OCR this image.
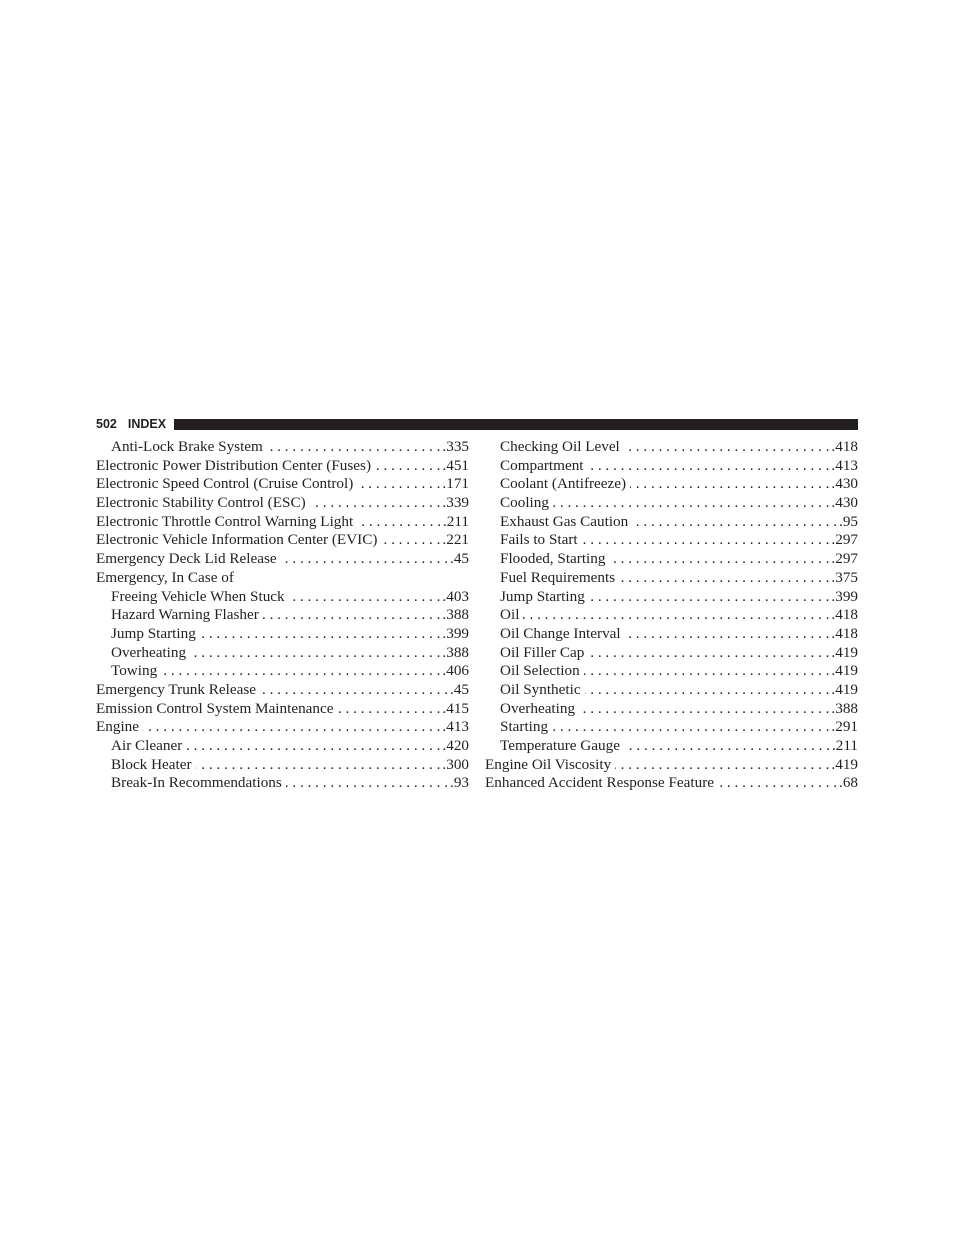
502 INDEX
Anti-Lock Brake System . . .	.335
Electronic Power Distribution Center (Fuses) . . .	.451
Electronic Speed Control (Cruise Control) . . .	.171
Electronic Stability Control (ESC) . . .	.339
Electronic Throttle Control Warning Light . . .	.211
Electronic Vehicle Information Center (EVIC) . . .	.221
Emergency Deck Lid Release . . .	.45
Emergency, In Case of
Freeing Vehicle When Stuck . . .	.403
Hazard Warning Flasher . . .	.388
Jump Starting . . .	.399
Overheating . . .	.388
Towing . . .	.406
Emergency Trunk Release . . .	.45
Emission Control System Maintenance . . .	.415
Engine . . .	.413
Air Cleaner . . .	.420
Block Heater . . .	.300
Break-In Recommendations . . .	.93
Checking Oil Level . . .	.418
Compartment . . .	.413
Coolant (Antifreeze) . . .	.430
Cooling . . .	.430
Exhaust Gas Caution . . .	.95
Fails to Start . . .	.297
Flooded, Starting . . .	.297
Fuel Requirements . . .	.375
Jump Starting . . .	.399
Oil . . .	.418
Oil Change Interval . . .	.418
Oil Filler Cap . . .	.419
Oil Selection . . .	.419
Oil Synthetic . . .	.419
Overheating . . .	.388
Starting . . .	.291
Temperature Gauge . . .	.211
Engine Oil Viscosity . . .	.419
Enhanced Accident Response Feature . . .	.68
